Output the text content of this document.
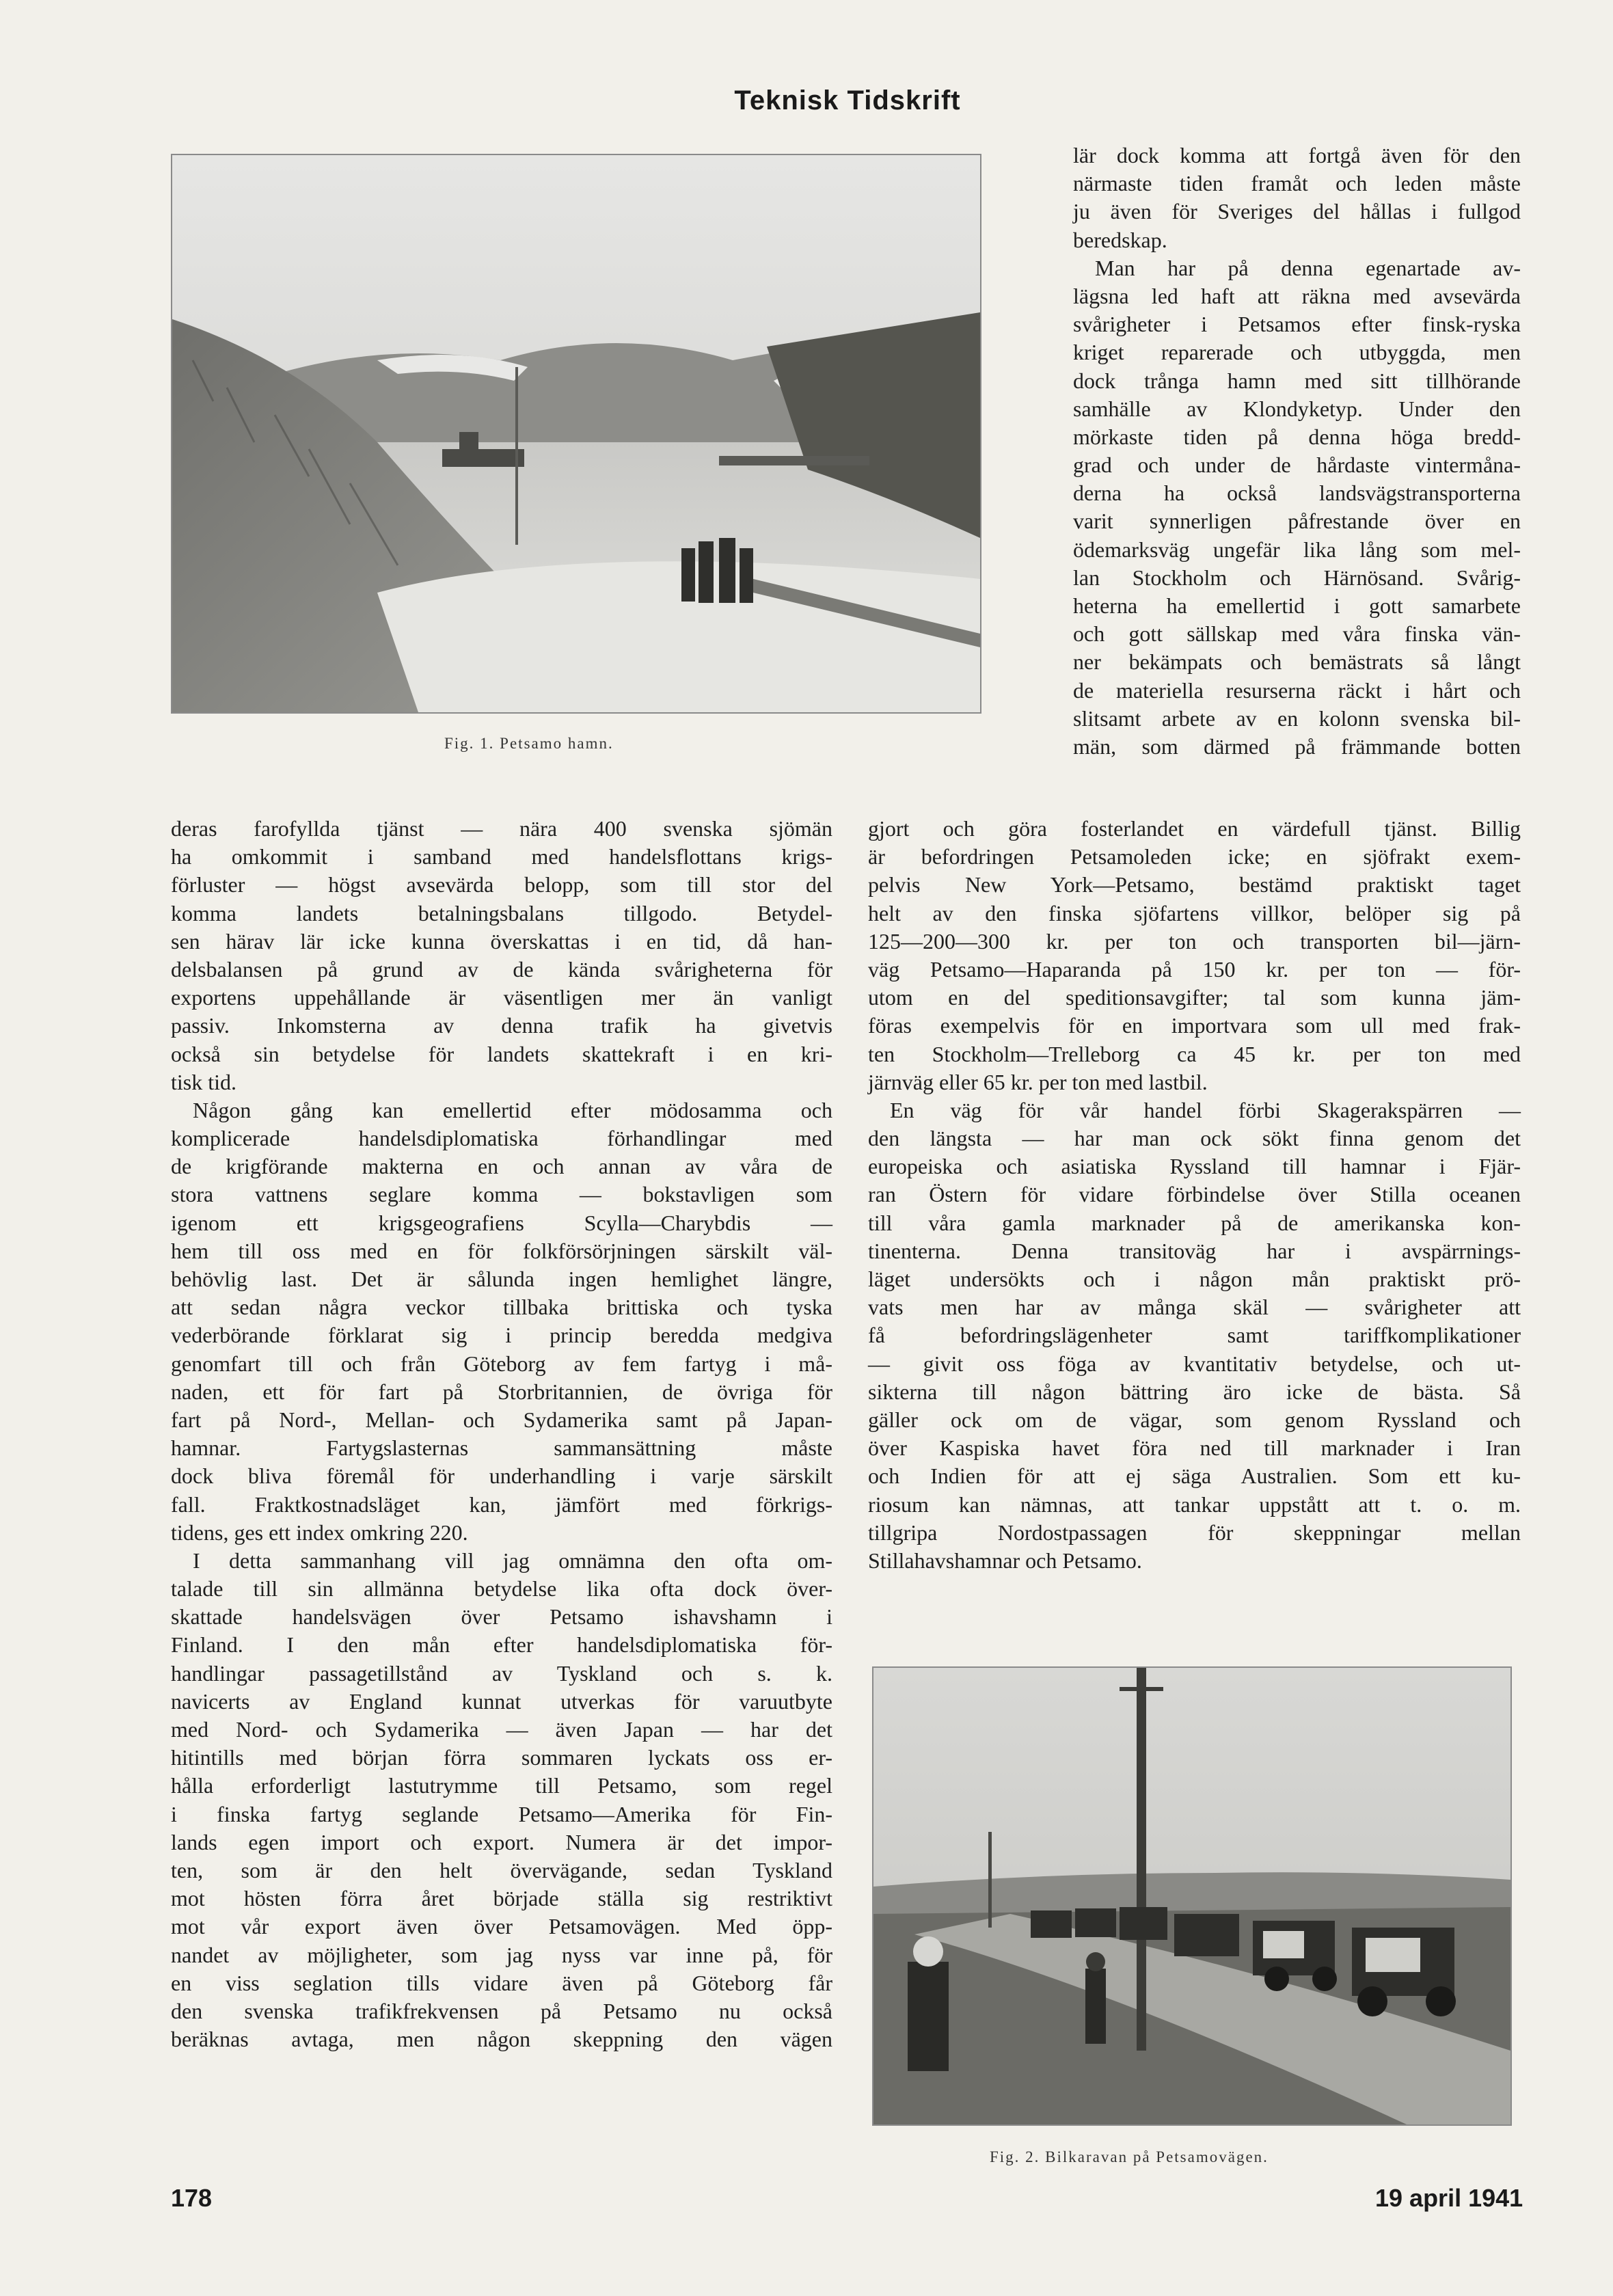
Teknisk Tidskrift
Fig. 1. Petsamo hamn.
lär dock komma att fortgå även för den
närmaste tiden framåt och leden måste
ju även för Sveriges del hållas i fullgod
beredskap.
Man har på denna egenartade av-
lägsna led haft att räkna med avsevärda
svårigheter i Petsamos efter finsk-ryska
kriget reparerade och utbyggda, men
dock trånga hamn med sitt tillhörande
samhälle av Klondyketyp. Under den
mörkaste tiden på denna höga bredd-
grad och under de hårdaste vintermåna-
derna ha också landsvägstransporterna
varit synnerligen påfrestande över en
ödemarksväg ungefär lika lång som mel-
lan Stockholm och Härnösand. Svårig-
heterna ha emellertid i gott samarbete
och gott sällskap med våra finska vän-
ner bekämpats och bemästrats så långt
de materiella resurserna räckt i hårt och
slitsamt arbete av en kolonn svenska bil-
män, som därmed på främmande botten
deras farofyllda tjänst — nära 400 svenska sjömän
ha omkommit i samband med handelsflottans krigs-
förluster — högst avsevärda belopp, som till stor del
komma landets betalningsbalans tillgodo. Betydel-
sen härav lär icke kunna överskattas i en tid, då han-
delsbalansen på grund av de kända svårigheterna för
exportens uppehållande är väsentligen mer än vanligt
passiv. Inkomsterna av denna trafik ha givetvis
också sin betydelse för landets skattekraft i en kri-
tisk tid.
Någon gång kan emellertid efter mödosamma och
komplicerade handelsdiplomatiska förhandlingar med
de krigförande makterna en och annan av våra de
stora vattnens seglare komma — bokstavligen som
igenom ett krigsgeografiens Scylla—Charybdis —
hem till oss med en för folkförsörjningen särskilt väl-
behövlig last. Det är sålunda ingen hemlighet längre,
att sedan några veckor tillbaka brittiska och tyska
vederbörande förklarat sig i princip beredda medgiva
genomfart till och från Göteborg av fem fartyg i må-
naden, ett för fart på Storbritannien, de övriga för
fart på Nord-, Mellan- och Sydamerika samt på Japan-
hamnar. Fartygslasternas sammansättning måste
dock bliva föremål för underhandling i varje särskilt
fall. Fraktkostnadsläget kan, jämfört med förkrigs-
tidens, ges ett index omkring 220.
I detta sammanhang vill jag omnämna den ofta om-
talade till sin allmänna betydelse lika ofta dock över-
skattade handelsvägen över Petsamo ishavshamn i
Finland. I den mån efter handelsdiplomatiska för-
handlingar passagetillstånd av Tyskland och s. k.
navicerts av England kunnat utverkas för varuutbyte
med Nord- och Sydamerika — även Japan — har det
hitintills med början förra sommaren lyckats oss er-
hålla erforderligt lastutrymme till Petsamo, som regel
i finska fartyg seglande Petsamo—Amerika för Fin-
lands egen import och export. Numera är det impor-
ten, som är den helt övervägande, sedan Tyskland
mot hösten förra året började ställa sig restriktivt
mot vår export även över Petsamovägen. Med öpp-
nandet av möjligheter, som jag nyss var inne på, för
en viss seglation tills vidare även på Göteborg får
den svenska trafikfrekvensen på Petsamo nu också
beräknas avtaga, men någon skeppning den vägen
gjort och göra fosterlandet en värdefull tjänst. Billig
är befordringen Petsamoleden icke; en sjöfrakt exem-
pelvis New York—Petsamo, bestämd praktiskt taget
helt av den finska sjöfartens villkor, belöper sig på
125—200—300 kr. per ton och transporten bil—järn-
väg Petsamo—Haparanda på 150 kr. per ton — för-
utom en del speditionsavgifter; tal som kunna jäm-
föras exempelvis för en importvara som ull med frak-
ten Stockholm—Trelleborg ca 45 kr. per ton med
järnväg eller 65 kr. per ton med lastbil.
En väg för vår handel förbi Skagerakspärren —
den längsta — har man ock sökt finna genom det
europeiska och asiatiska Ryssland till hamnar i Fjär-
ran Östern för vidare förbindelse över Stilla oceanen
till våra gamla marknader på de amerikanska kon-
tinenterna. Denna transitoväg har i avspärrnings-
läget undersökts och i någon mån praktiskt prö-
vats men har av många skäl — svårigheter att
få befordringslägenheter samt tariffkomplikationer
— givit oss föga av kvantitativ betydelse, och ut-
sikterna till någon bättring äro icke de bästa. Så
gäller ock om de vägar, som genom Ryssland och
över Kaspiska havet föra ned till marknader i Iran
och Indien för att ej säga Australien. Som ett ku-
riosum kan nämnas, att tankar uppstått att t. o. m.
tillgripa Nordostpassagen för skeppningar mellan
Stillahavshamnar och Petsamo.
Fig. 2. Bilkaravan på Petsamovägen.
178	19 april 1941
